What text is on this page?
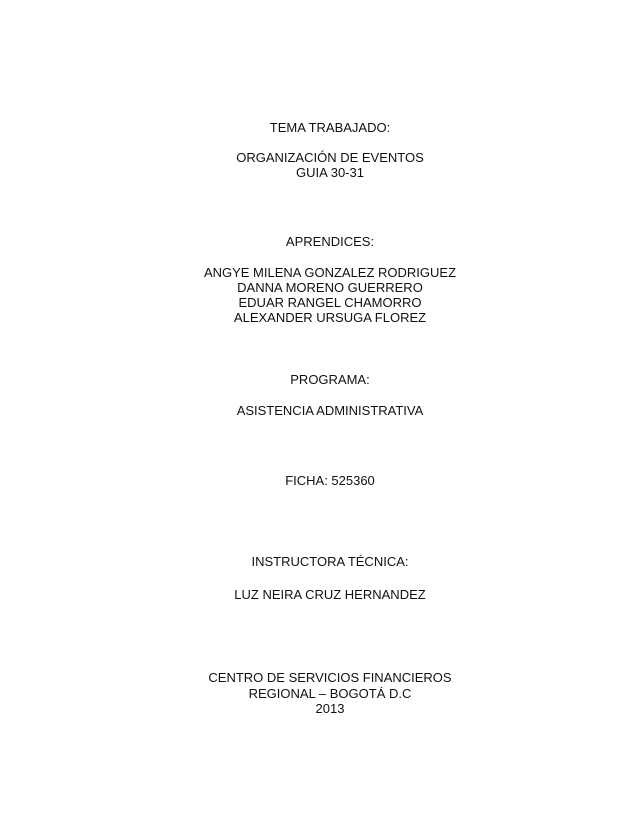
TEMA TRABAJADO:
ORGANIZACIÓN DE EVENTOS
GUIA 30-31
APRENDICES:
ANGYE MILENA GONZALEZ RODRIGUEZ
DANNA MORENO GUERRERO
EDUAR RANGEL CHAMORRO
ALEXANDER URSUGA FLOREZ
PROGRAMA:
ASISTENCIA ADMINISTRATIVA
FICHA: 525360
INSTRUCTORA TÉCNICA:
LUZ NEIRA CRUZ HERNANDEZ
CENTRO DE SERVICIOS FINANCIEROS
REGIONAL – BOGOTÁ D.C
2013
